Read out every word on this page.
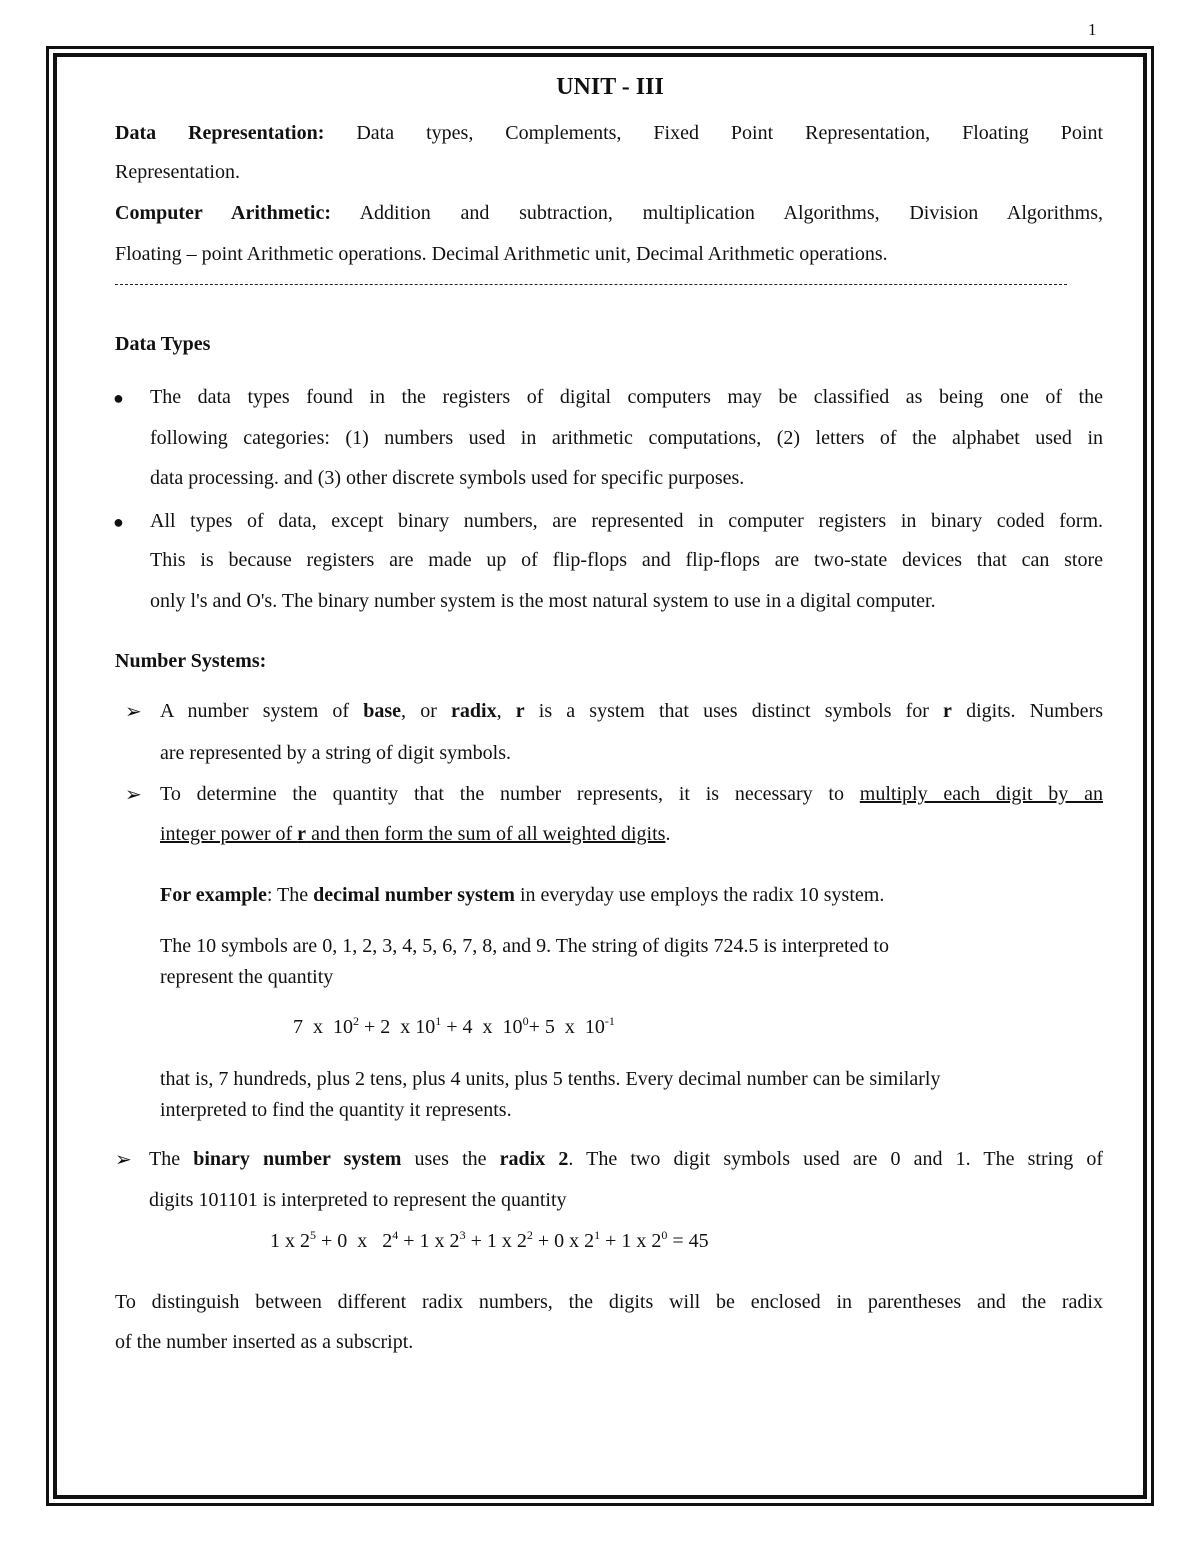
1
UNIT - III
Data Representation: Data types, Complements, Fixed Point Representation, Floating Point
Representation.
Computer Arithmetic: Addition and subtraction, multiplication Algorithms, Division Algorithms,
Floating – point Arithmetic operations. Decimal Arithmetic unit, Decimal Arithmetic operations.
Data Types
● The data types found in the registers of digital computers may be classified as being one of the
following categories: (1) numbers used in arithmetic computations, (2) letters of the alphabet used in
data processing. and (3) other discrete symbols used for specific purposes.
● All types of data, except binary numbers, are represented in computer registers in binary coded form.
This is because registers are made up of flip-flops and flip-flops are two-state devices that can store
only l's and O's. The binary number system is the most natural system to use in a digital computer.
Number Systems:
➢ A number system of base, or radix, r is a system that uses distinct symbols for r digits. Numbers
are represented by a string of digit symbols.
➢ To determine the quantity that the number represents, it is necessary to multiply each digit by an
integer power of r and then form the sum of all weighted digits.
For example: The decimal number system in everyday use employs the radix 10 system.
The 10 symbols are 0, 1, 2, 3, 4, 5, 6, 7, 8, and 9. The string of digits 724.5 is interpreted to
represent the quantity
7  x  $10^2 + 2$  x $10^1 + 4$  x  $10^0+ 5$  x  $10^{-1}$
that is, 7 hundreds, plus 2 tens, plus 4 units, plus 5 tenths. Every decimal number can be similarly
interpreted to find the quantity it represents.
➢ The binary number system uses the radix 2. The two digit symbols used are 0 and 1. The string of
digits 101101 is interpreted to represent the quantity
1 x $2^5 + 0$  x   $2^4 + 1$ x $2^3 + 1$ x $2^2 + 0$ x $2^1 + 1$ x $2^0 = 45$
To distinguish between different radix numbers, the digits will be enclosed in parentheses and the radix
of the number inserted as a subscript.
